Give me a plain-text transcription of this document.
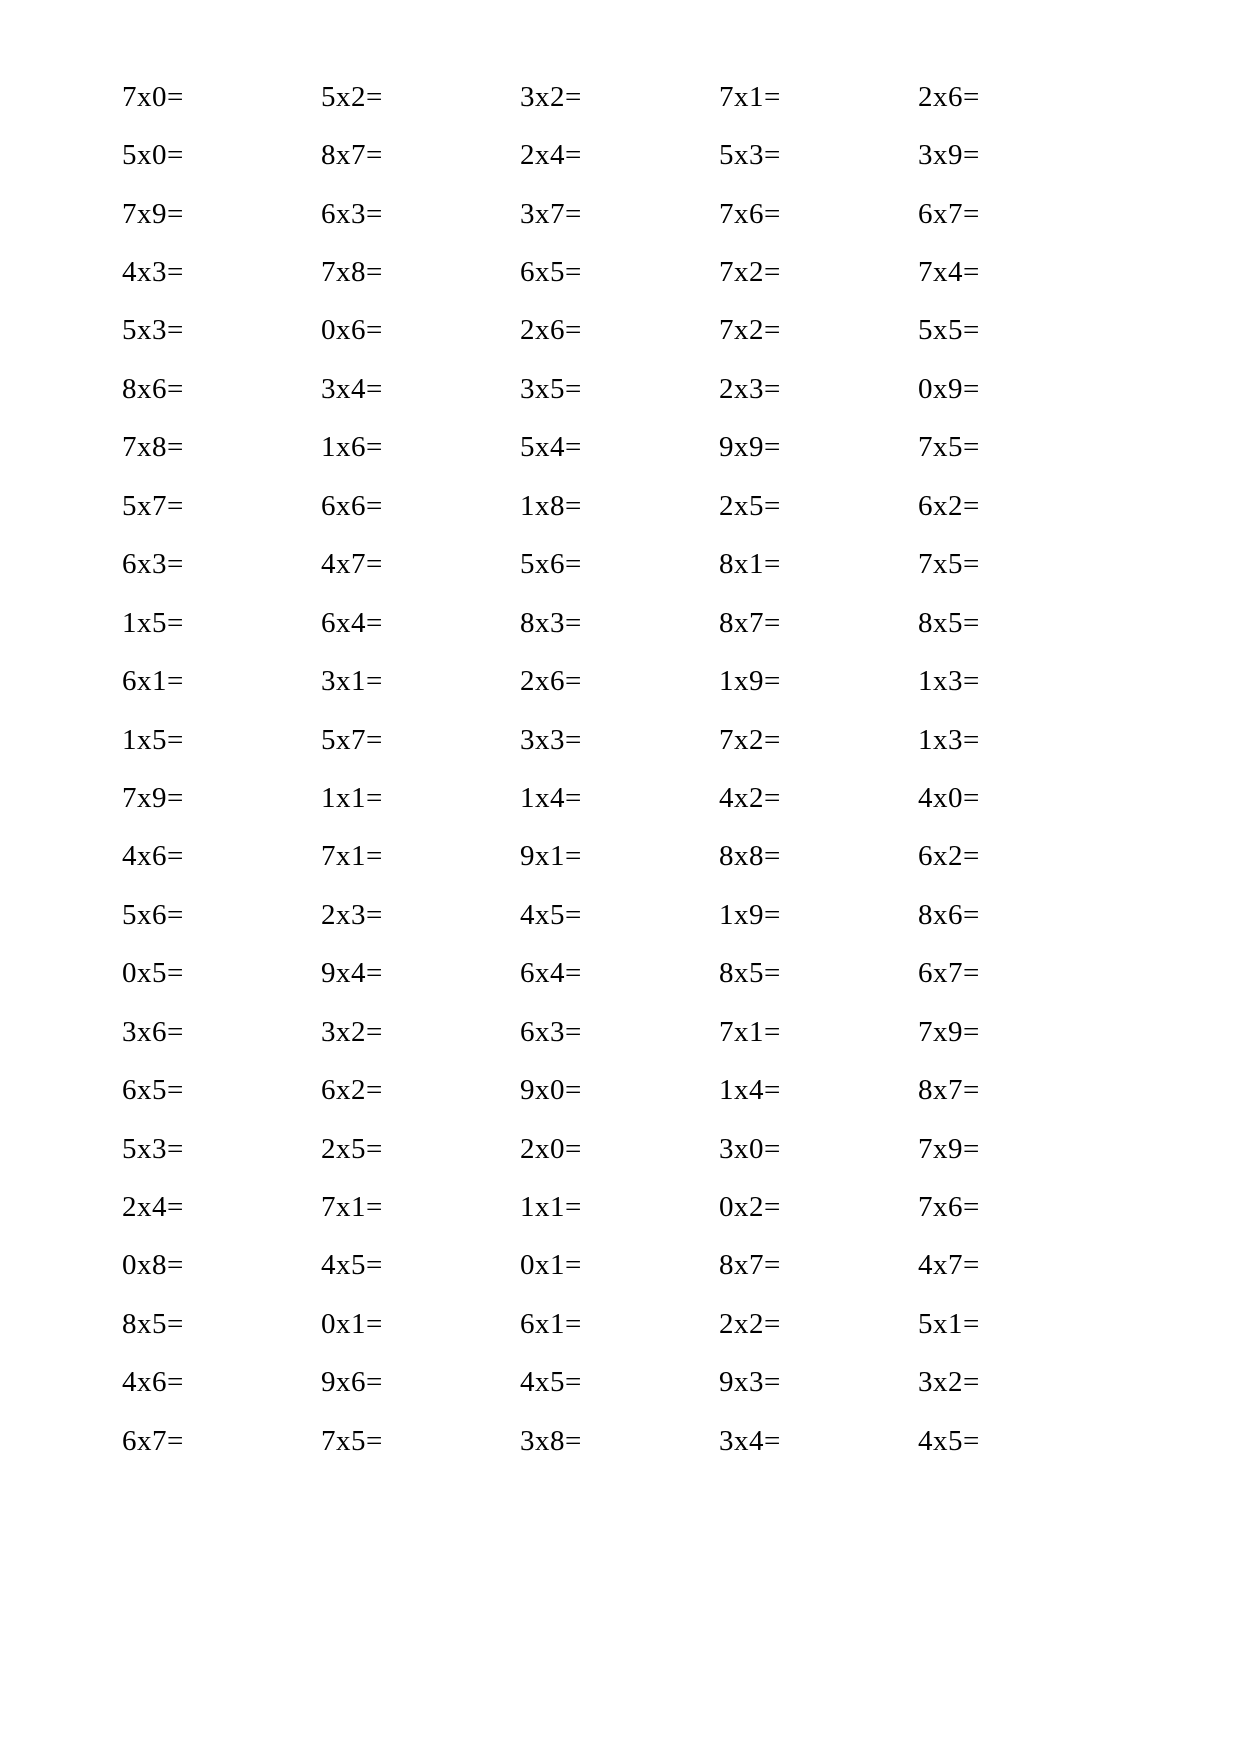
7x0=	5x2=	3x2=	7x1=	2x6=
5x0=	8x7=	2x4=	5x3=	3x9=
7x9=	6x3=	3x7=	7x6=	6x7=
4x3=	7x8=	6x5=	7x2=	7x4=
5x3=	0x6=	2x6=	7x2=	5x5=
8x6=	3x4=	3x5=	2x3=	0x9=
7x8=	1x6=	5x4=	9x9=	7x5=
5x7=	6x6=	1x8=	2x5=	6x2=
6x3=	4x7=	5x6=	8x1=	7x5=
1x5=	6x4=	8x3=	8x7=	8x5=
6x1=	3x1=	2x6=	1x9=	1x3=
1x5=	5x7=	3x3=	7x2=	1x3=
7x9=	1x1=	1x4=	4x2=	4x0=
4x6=	7x1=	9x1=	8x8=	6x2=
5x6=	2x3=	4x5=	1x9=	8x6=
0x5=	9x4=	6x4=	8x5=	6x7=
3x6=	3x2=	6x3=	7x1=	7x9=
6x5=	6x2=	9x0=	1x4=	8x7=
5x3=	2x5=	2x0=	3x0=	7x9=
2x4=	7x1=	1x1=	0x2=	7x6=
0x8=	4x5=	0x1=	8x7=	4x7=
8x5=	0x1=	6x1=	2x2=	5x1=
4x6=	9x6=	4x5=	9x3=	3x2=
6x7=	7x5=	3x8=	3x4=	4x5=
